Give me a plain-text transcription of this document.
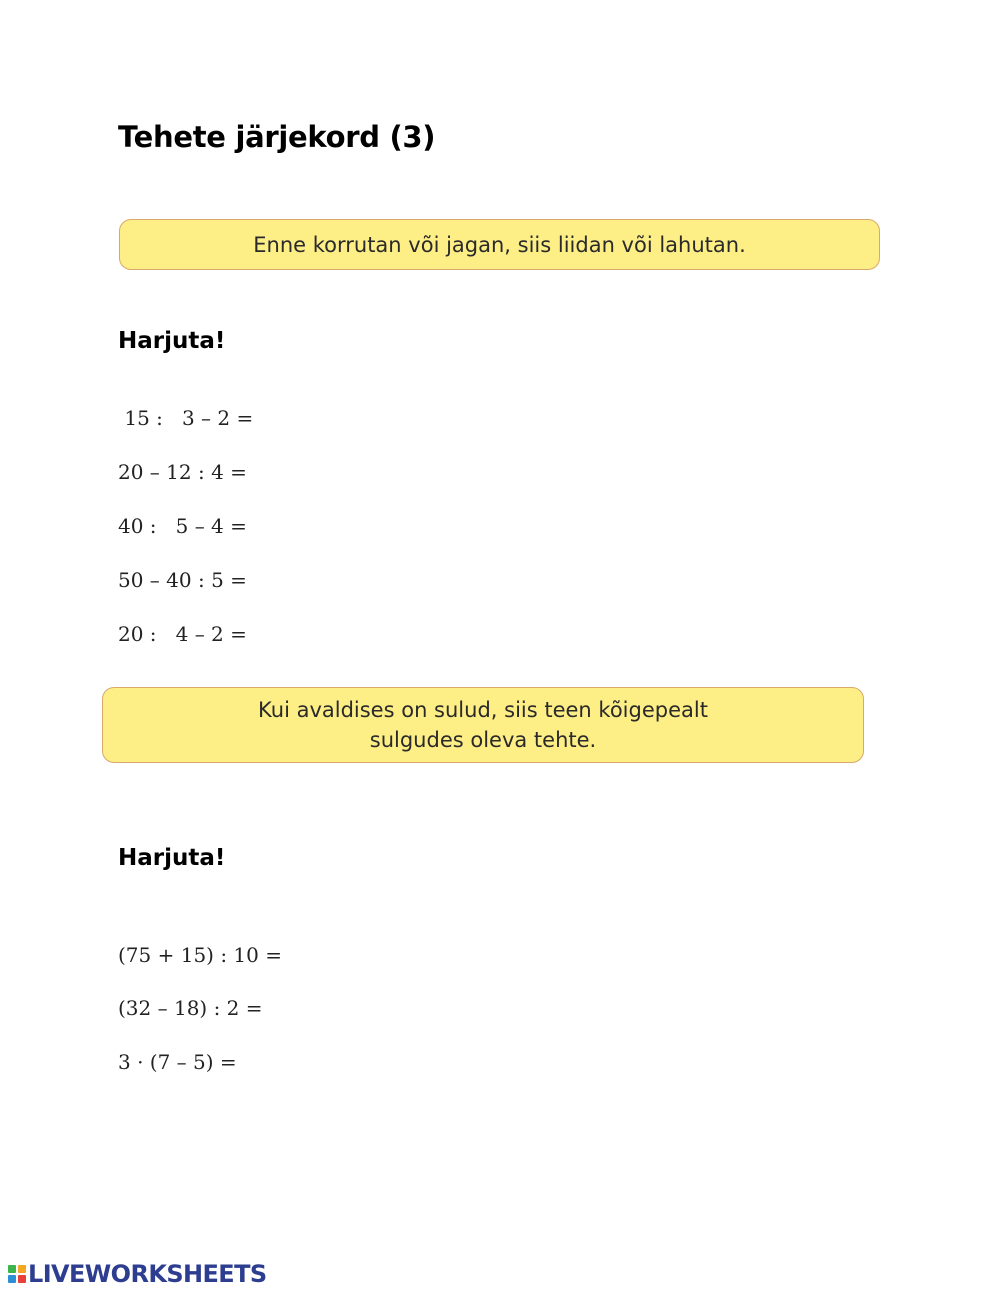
Tehete järjekord (3)
Enne korrutan või jagan, siis liidan või lahutan.
Harjuta!

15 :   3 – 2 =

20 – 12 : 4 =

40 :   5 – 4 =

50 – 40 : 5 =

20 :   4 – 2 =

Kui avaldises on sulud, siis teen kõigepealt
sulgudes oleva tehte.
Harjuta!

(75 + 15) : 10 =

(32 – 18) : 2 =

3 · (7 – 5) =

LIVEWORKSHEETS
